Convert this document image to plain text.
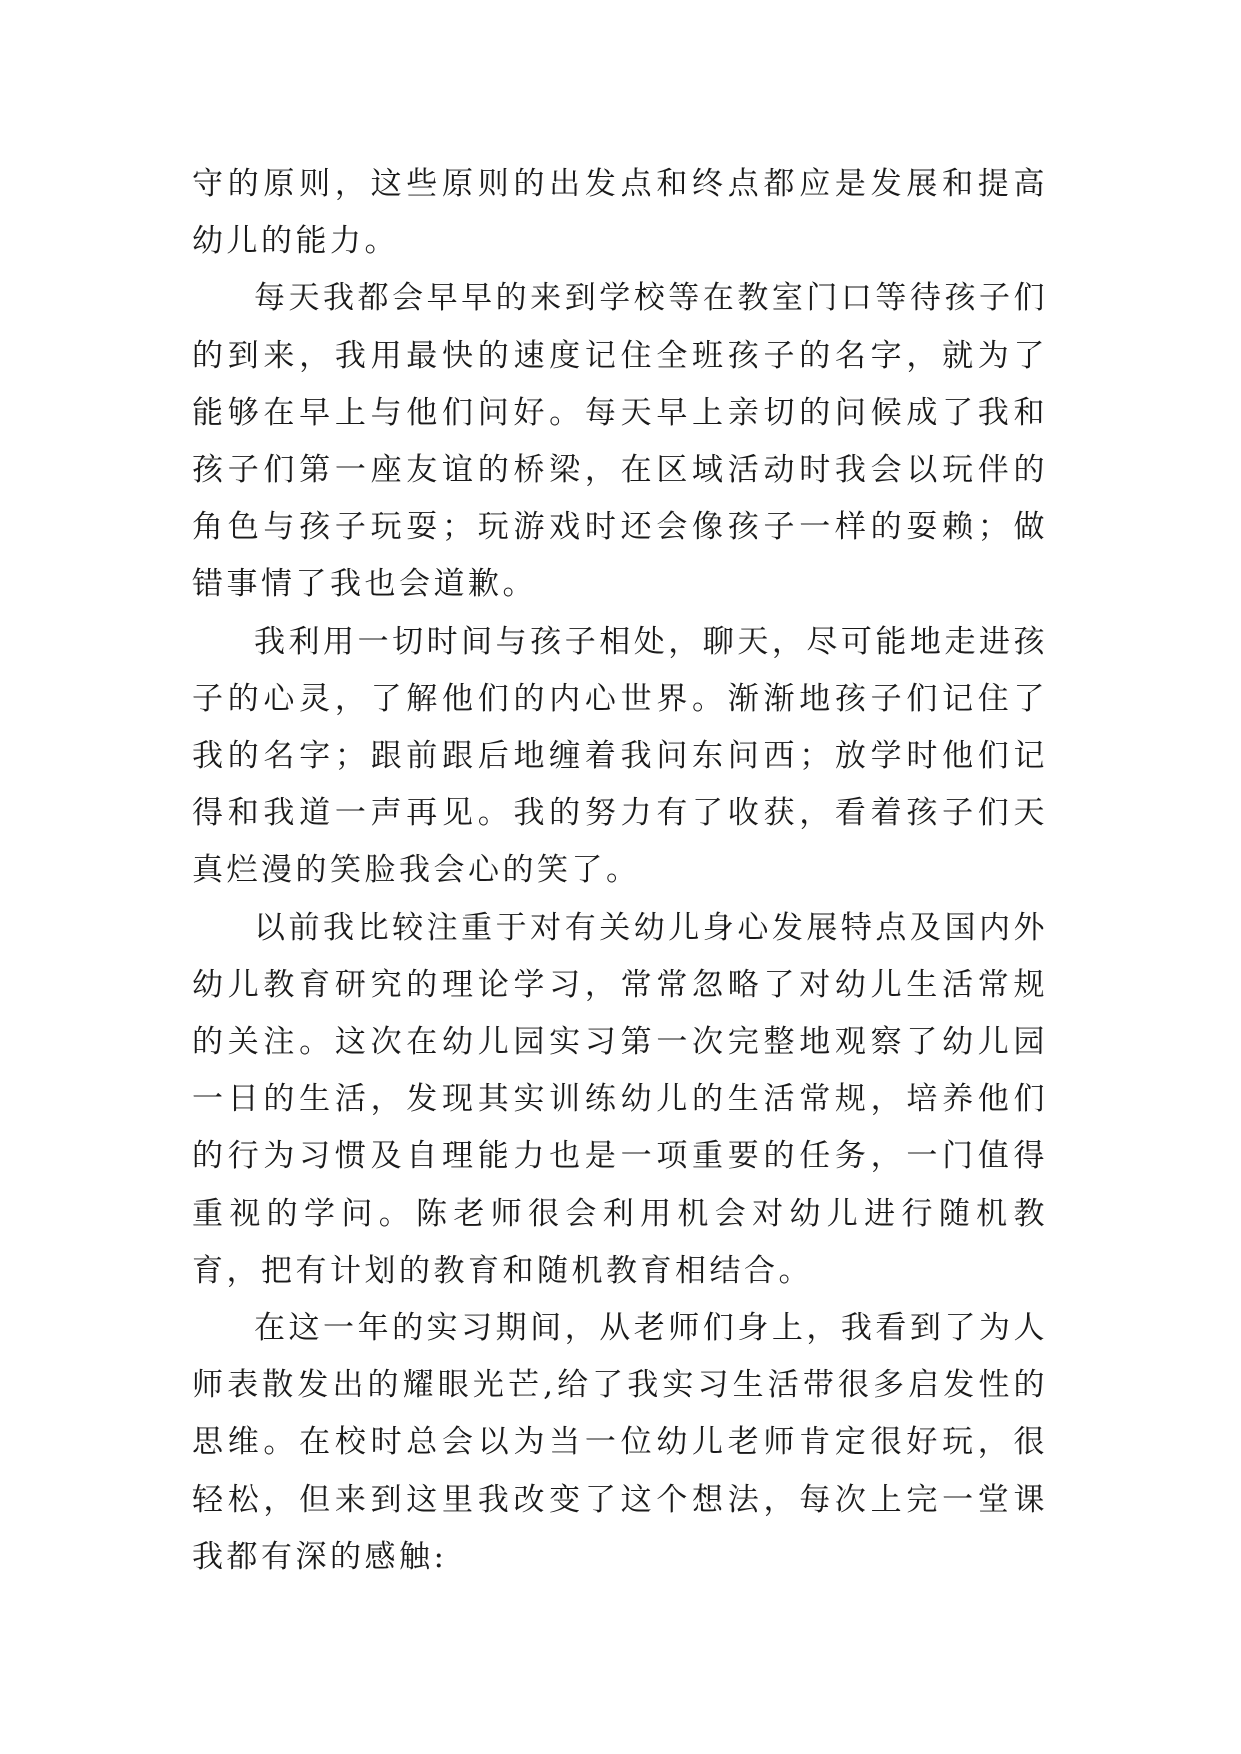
守的原则，这些原则的出发点和终点都应是发展和提高幼儿的能力。

每天我都会早早的来到学校等在教室门口等待孩子们的到来，我用最快的速度记住全班孩子的名字，就为了能够在早上与他们问好。每天早上亲切的问候成了我和孩子们第一座友谊的桥梁，在区域活动时我会以玩伴的角色与孩子玩耍；玩游戏时还会像孩子一样的耍赖；做错事情了我也会道歉。

我利用一切时间与孩子相处，聊天，尽可能地走进孩子的心灵，了解他们的内心世界。渐渐地孩子们记住了我的名字；跟前跟后地缠着我问东问西；放学时他们记得和我道一声再见。我的努力有了收获，看着孩子们天真烂漫的笑脸我会心的笑了。

以前我比较注重于对有关幼儿身心发展特点及国内外幼儿教育研究的理论学习，常常忽略了对幼儿生活常规的关注。这次在幼儿园实习第一次完整地观察了幼儿园一日的生活，发现其实训练幼儿的生活常规，培养他们的行为习惯及自理能力也是一项重要的任务，一门值得重视的学问。陈老师很会利用机会对幼儿进行随机教育，把有计划的教育和随机教育相结合。

在这一年的实习期间，从老师们身上，我看到了为人师表散发出的耀眼光芒,给了我实习生活带很多启发性的思维。在校时总会以为当一位幼儿老师肯定很好玩，很轻松，但来到这里我改变了这个想法，每次上完一堂课我都有深的感触:
